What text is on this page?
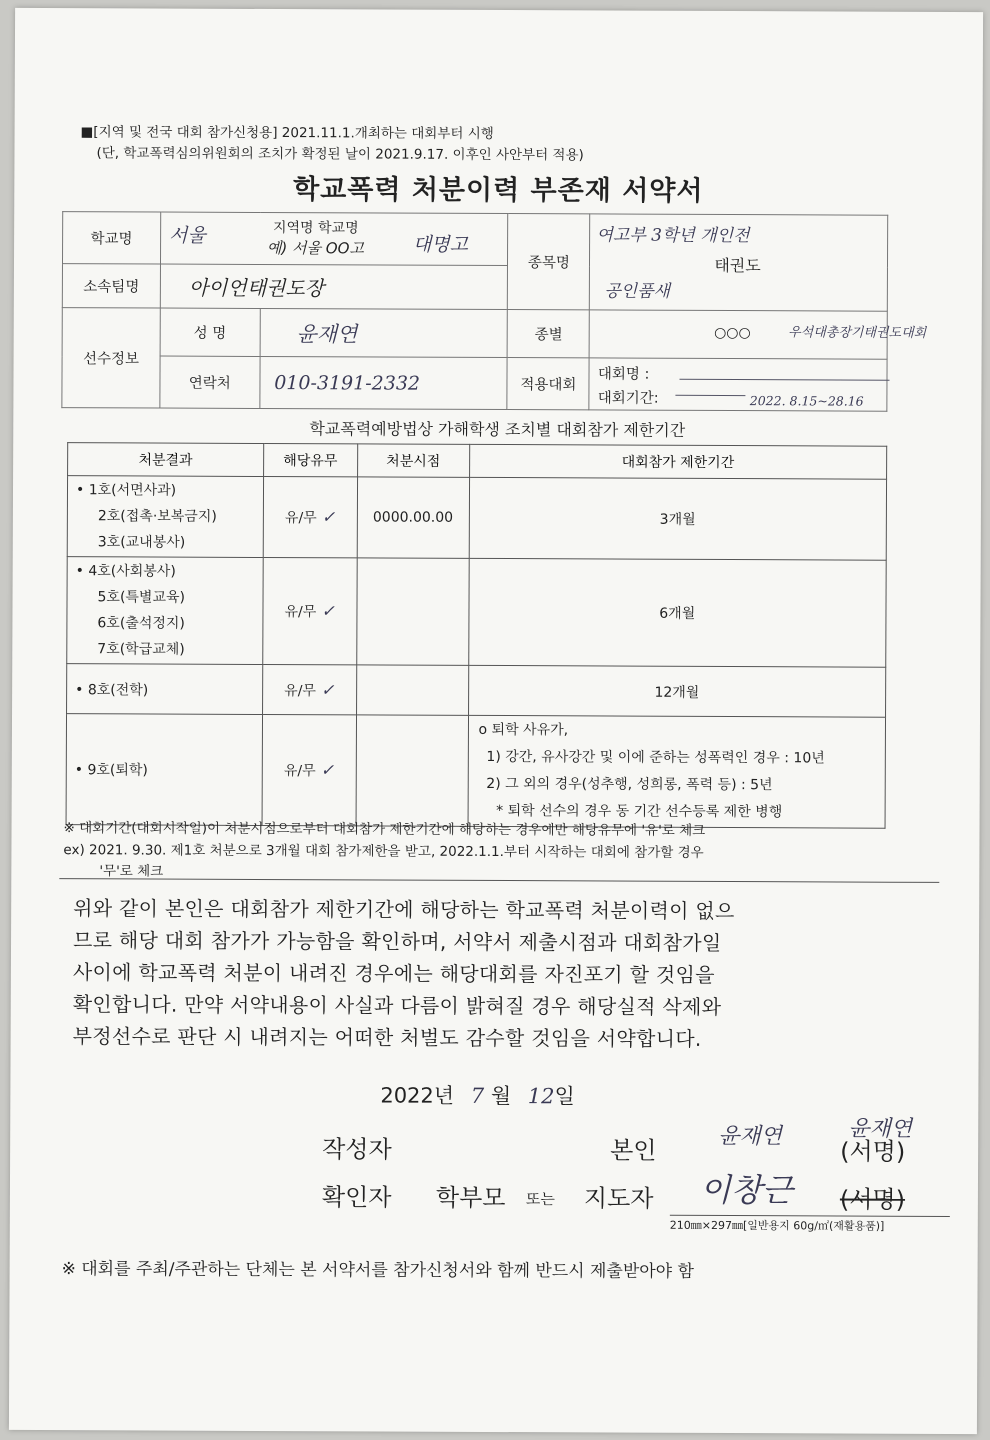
■[지역 및 전국 대회 참가신청용] 2021.11.1.개최하는 대회부터 시행
(단, 학교폭력심의위원회의 조치가 확정된 날이 2021.9.17. 이후인 사안부터 적용)
학교폭력 처분이력 부존재 서약서
학교명	서울 지역명 학교명
예) 서울 OO고 대명고		종목명	여고부 3학년 개인전
태권도
공인품새

소속팀명	아이언태권도장			
선수정보	성 명	윤재연	종별	○○○ 우석대총장기태권도대회

	연락처	010-3191-2332	적용대회	대회명 :
대회기간: 2022. 8.15~28.16
학교폭력예방법상 가해학생 조치별 대회참가 제한기간
처분결과	해당유무	처분시점	대회참가 제한기간

• 1호(서면사과)
2호(접촉·보복금지)
3호(교내봉사)	유/무 ✓	0000.00.00	3개월

• 4호(사회봉사)
5호(특별교육)
6호(출석정지)
7호(학급교체)	유/무 ✓		6개월

• 8호(전학)	유/무 ✓		12개월

• 9호(퇴학)	유/무 ✓		o 퇴학 사유가,
1) 강간, 유사강간 및 이에 준하는 성폭력인 경우 : 10년
2) 그 외의 경우(성추행, 성희롱, 폭력 등) : 5년
* 퇴학 선수의 경우 동 기간 선수등록 제한 병행
※ 대회기간(대회시작일)이 처분시점으로부터 대회참가 제한기간에 해당하는 경우에만 해당유무에 '유'로 체크
ex) 2021. 9.30. 제1호 처분으로 3개월 대회 참가제한을 받고, 2022.1.1.부터 시작하는 대회에 참가할 경우
'무'로 체크
위와 같이 본인은 대회참가 제한기간에 해당하는 학교폭력 처분이력이 없으
므로 해당 대회 참가가 가능함을 확인하며, 서약서 제출시점과 대회참가일
사이에 학교폭력 처분이 내려진 경우에는 해당대회를 자진포기 할 것임을
확인합니다. 만약 서약내용이 사실과 다름이 밝혀질 경우 해당실적 삭제와
부정선수로 판단 시 내려지는 어떠한 처벌도 감수할 것임을 서약합니다.
2022년 7 월 12일
작성자	본인	윤재연
(서명)
윤재연
확인자 학부모 또는 지도자 이창근 (서명)
210㎜×297㎜[일반용지 60g/㎡(재활용품)]
※ 대회를 주최/주관하는 단체는 본 서약서를 참가신청서와 함께 반드시 제출받아야 함
